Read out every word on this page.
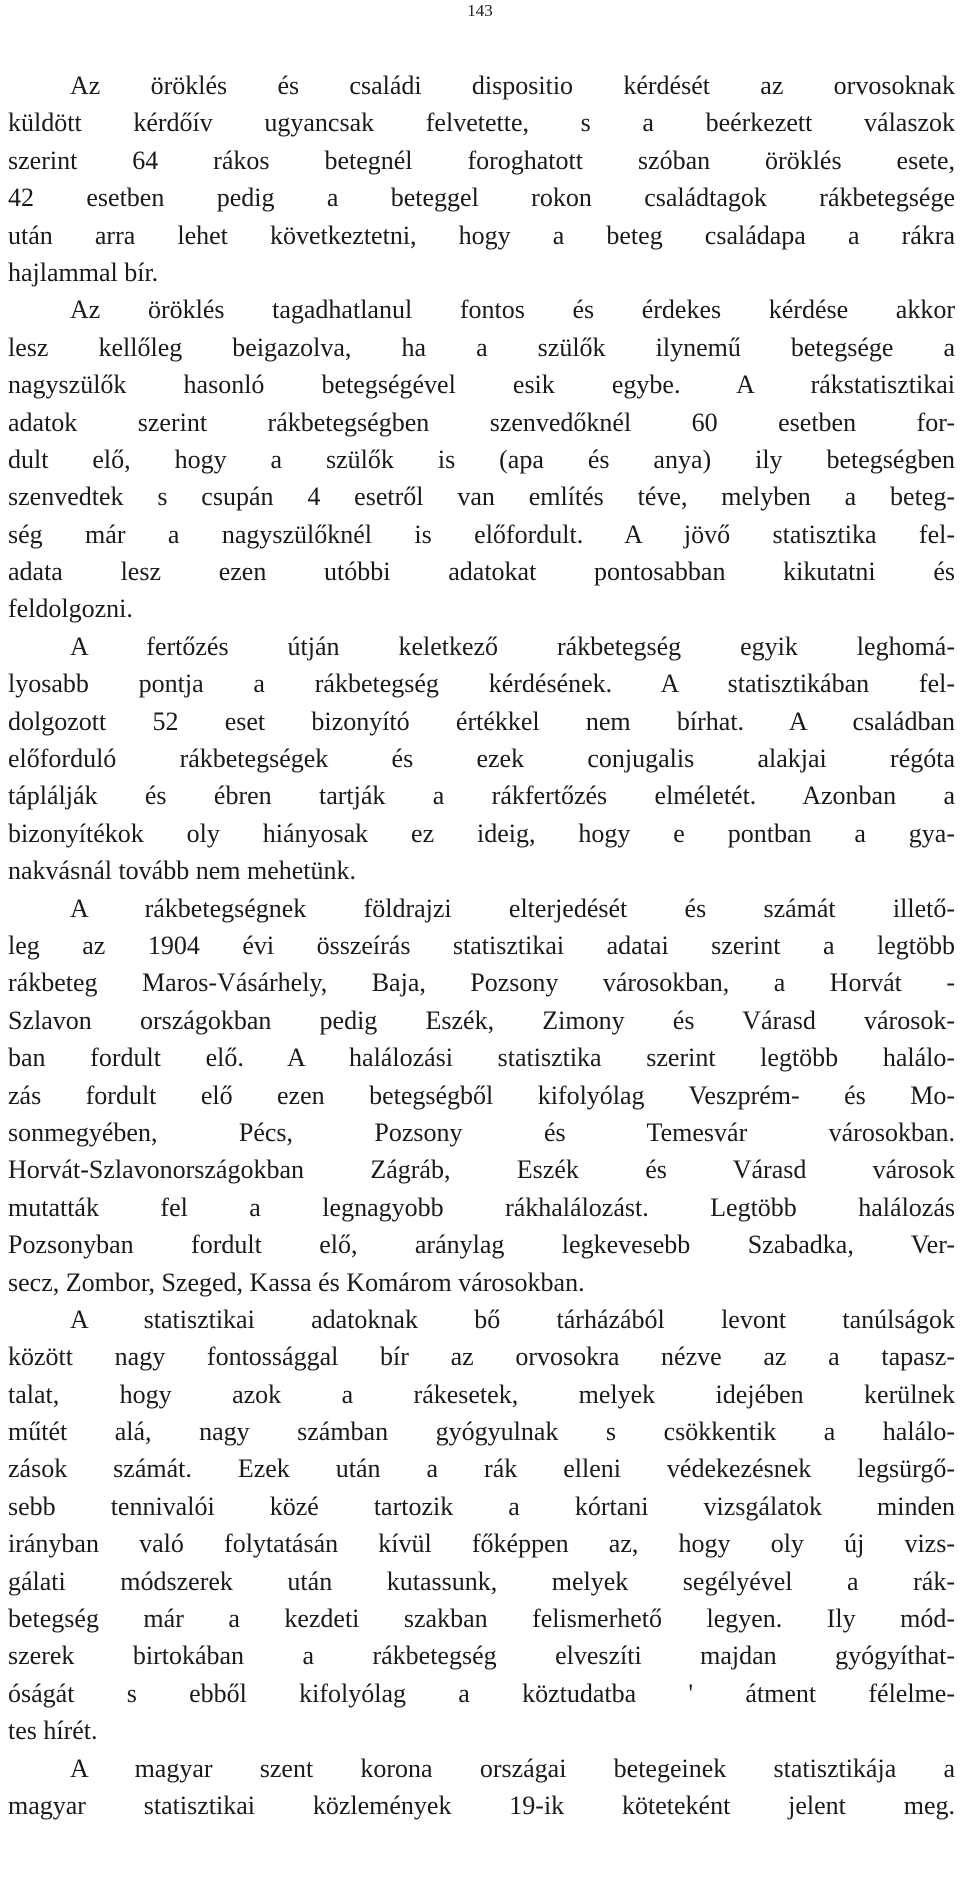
143
Az öröklés és családi dispositio kérdését az orvosoknak
küldött kérdőív ugyancsak felvetette, s a beérkezett válaszok
szerint 64 rákos betegnél foroghatott szóban öröklés esete,
42 esetben pedig a beteggel rokon családtagok rákbetegsége
után arra lehet következtetni, hogy a beteg családapa a rákra
hajlammal bír.
Az öröklés tagadhatlanul fontos és érdekes kérdése akkor
lesz kellőleg beigazolva, ha a szülők ilynemű betegsége a
nagyszülők hasonló betegségével esik egybe. A rákstatisztikai
adatok szerint rákbetegségben szenvedőknél 60 esetben for-
dult elő, hogy a szülők is (apa és anya) ily betegségben
szenvedtek s csupán 4 esetről van említés téve, melyben a beteg-
ség már a nagyszülőknél is előfordult. A jövő statisztika fel-
adata lesz ezen utóbbi adatokat pontosabban kikutatni és
feldolgozni.
A fertőzés útján keletkező rákbetegség egyik leghomá-
lyosabb pontja a rákbetegség kérdésének. A statisztikában fel-
dolgozott 52 eset bizonyító értékkel nem bírhat. A családban
előforduló rákbetegségek és ezek conjugalis alakjai régóta
táplálják és ébren tartják a rákfertőzés elméletét. Azonban a
bizonyítékok oly hiányosak ez ideig, hogy e pontban a gya-
nakvásnál tovább nem mehetünk.
A rákbetegségnek földrajzi elterjedését és számát illető-
leg az 1904 évi összeírás statisztikai adatai szerint a legtöbb
rákbeteg Maros-Vásárhely, Baja, Pozsony városokban, a Horvát -
Szlavon országokban pedig Eszék, Zimony és Várasd városok-
ban fordult elő. A halálozási statisztika szerint legtöbb halálo-
zás fordult elő ezen betegségből kifolyólag Veszprém- és Mo-
sonmegyében, Pécs, Pozsony és Temesvár városokban.
Horvát-Szlavonországokban Zágráb, Eszék és Várasd városok
mutatták fel a legnagyobb rákhalálozást. Legtöbb halálozás
Pozsonyban fordult elő, aránylag legkevesebb Szabadka, Ver-
secz, Zombor, Szeged, Kassa és Komárom városokban.
A statisztikai adatoknak bő tárházából levont tanúlságok
között nagy fontossággal bír az orvosokra nézve az a tapasz-
talat, hogy azok a rákesetek, melyek idejében kerülnek
műtét alá, nagy számban gyógyulnak s csökkentik a halálo-
zások számát. Ezek után a rák elleni védekezésnek legsürgő-
sebb tennivalói közé tartozik a kórtani vizsgálatok minden
irányban való folytatásán kívül főképpen az, hogy oly új vizs-
gálati módszerek után kutassunk, melyek segélyével a rák-
betegség már a kezdeti szakban felismerhető legyen. Ily mód-
szerek birtokában a rákbetegség elveszíti majdan gyógyíthat-
óságát s ebből kifolyólag a köztudatba ' átment félelme-
tes hírét.
A magyar szent korona országai betegeinek statisztikája a
magyar statisztikai közlemények 19-ik köteteként jelent meg.
